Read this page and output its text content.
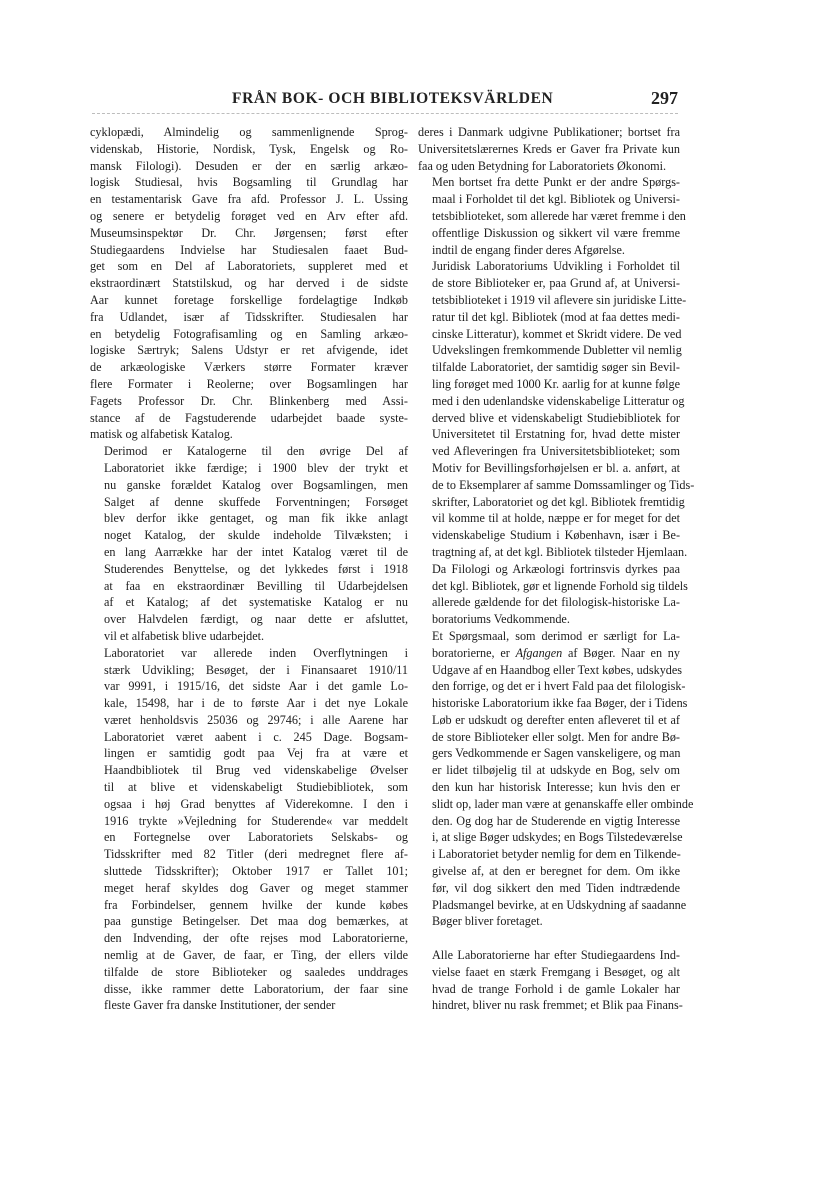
FRÅN BOK- OCH BIBLIOTEKSVÄRLDEN	297

cyklopædi, Almindelig og sammenlignende Sprog-
videnskab, Historie, Nordisk, Tysk, Engelsk og Ro-
mansk Filologi). Desuden er der en særlig arkæo-
logisk Studiesal, hvis Bogsamling til Grundlag har
en testamentarisk Gave fra afd. Professor J. L. Ussing
og senere er betydelig forøget ved en Arv efter afd.
Museumsinspektør Dr. Chr. Jørgensen; først efter
Studiegaardens Indvielse har Studiesalen faaet Bud-
get som en Del af Laboratoriets, suppleret med et
ekstraordinært Statstilskud, og har derved i de sidste
Aar kunnet foretage forskellige fordelagtige Indkøb
fra Udlandet, især af Tidsskrifter. Studiesalen har
en betydelig Fotografisamling og en Samling arkæo-
logiske Særtryk; Salens Udstyr er ret afvigende, idet
de arkæologiske Værkers større Formater kræver
flere Formater i Reolerne; over Bogsamlingen har
Fagets Professor Dr. Chr. Blinkenberg med Assi-
stance af de Fagstuderende udarbejdet baade syste-
matisk og alfabetisk Katalog.

Derimod er Katalogerne til den øvrige Del af
Laboratoriet ikke færdige; i 1900 blev der trykt et
nu ganske forældet Katalog over Bogsamlingen, men
Salget af denne skuffede Forventningen; Forsøget
blev derfor ikke gentaget, og man fik ikke anlagt
noget Katalog, der skulde indeholde Tilvæksten; i
en lang Aarrække har der intet Katalog været til de
Studerendes Benyttelse, og det lykkedes først i 1918
at faa en ekstraordinær Bevilling til Udarbejdelsen
af et Katalog; af det systematiske Katalog er nu
over Halvdelen færdigt, og naar dette er afsluttet,
vil et alfabetisk blive udarbejdet.

Laboratoriet var allerede inden Overflytningen i
stærk Udvikling; Besøget, der i Finansaaret 1910/11
var 9991, i 1915/16, det sidste Aar i det gamle Lo-
kale, 15498, har i de to første Aar i det nye Lokale
været henholdsvis 25036 og 29746; i alle Aarene har
Laboratoriet været aabent i c. 245 Dage. Bogsam-
lingen er samtidig godt paa Vej fra at være et
Haandbibliotek til Brug ved videnskabelige Øvelser
til at blive et videnskabeligt Studiebibliotek, som
ogsaa i høj Grad benyttes af Viderekomne. I den i
1916 trykte »Vejledning for Studerende« var meddelt
en Fortegnelse over Laboratoriets Selskabs- og
Tidsskrifter med 82 Titler (deri medregnet flere af-
sluttede Tidsskrifter); Oktober 1917 er Tallet 101;
meget heraf skyldes dog Gaver og meget stammer
fra Forbindelser, gennem hvilke der kunde købes
paa gunstige Betingelser. Det maa dog bemærkes, at
den Indvending, der ofte rejses mod Laboratorierne,
nemlig at de Gaver, de faar, er Ting, der ellers vilde
tilfalde de store Biblioteker og saaledes unddrages
disse, ikke rammer dette Laboratorium, der faar sine
fleste Gaver fra danske Institutioner, der sender

deres i Danmark udgivne Publikationer; bortset fra
Universitetslærernes Kreds er Gaver fra Private kun
faa og uden Betydning for Laboratoriets Økonomi.

Men bortset fra dette Punkt er der andre Spørgs-
maal i Forholdet til det kgl. Bibliotek og Universi-
tetsbiblioteket, som allerede har været fremme i den
offentlige Diskussion og sikkert vil være fremme
indtil de engang finder deres Afgørelse.

Juridisk Laboratoriums Udvikling i Forholdet til
de store Biblioteker er, paa Grund af, at Universi-
tetsbiblioteket i 1919 vil aflevere sin juridiske Litte-
ratur til det kgl. Bibliotek (mod at faa dettes medi-
cinske Litteratur), kommet et Skridt videre. De ved
Udvekslingen fremkommende Dubletter vil nemlig
tilfalde Laboratoriet, der samtidig søger sin Bevil-
ling forøget med 1000 Kr. aarlig for at kunne følge
med i den udenlandske videnskabelige Litteratur og
derved blive et videnskabeligt Studiebibliotek for
Universitetet til Erstatning for, hvad dette mister
ved Afleveringen fra Universitetsbiblioteket; som
Motiv for Bevillingsforhøjelsen er bl. a. anført, at
de to Eksemplarer af samme Domssamlinger og Tids-
skrifter, Laboratoriet og det kgl. Bibliotek fremtidig
vil komme til at holde, næppe er for meget for det
videnskabelige Studium i København, især i Be-
tragtning af, at det kgl. Bibliotek tilsteder Hjemlaan.

Da Filologi og Arkæologi fortrinsvis dyrkes paa
det kgl. Bibliotek, gør et lignende Forhold sig tildels
allerede gældende for det filologisk-historiske La-
boratoriums Vedkommende.

Et Spørgsmaal, som derimod er særligt for La-
boratorierne, er Afgangen af Bøger. Naar en ny
Udgave af en Haandbog eller Text købes, udskydes
den forrige, og det er i hvert Fald paa det filologisk-
historiske Laboratorium ikke faa Bøger, der i Tidens
Løb er udskudt og derefter enten afleveret til et af
de store Biblioteker eller solgt. Men for andre Bø-
gers Vedkommende er Sagen vanskeligere, og man
er lidet tilbøjelig til at udskyde en Bog, selv om
den kun har historisk Interesse; kun hvis den er
slidt op, lader man være at genanskaffe eller ombinde
den. Og dog har de Studerende en vigtig Interesse
i, at slige Bøger udskydes; en Bogs Tilstedeværelse
i Laboratoriet betyder nemlig for dem en Tilkende-
givelse af, at den er beregnet for dem. Om ikke
før, vil dog sikkert den med Tiden indtrædende
Pladsmangel bevirke, at en Udskydning af saadanne
Bøger bliver foretaget.

Alle Laboratorierne har efter Studiegaardens Ind-
vielse faaet en stærk Fremgang i Besøget, og alt
hvad de trange Forhold i de gamle Lokaler har
hindret, bliver nu rask fremmet; et Blik paa Finans-
